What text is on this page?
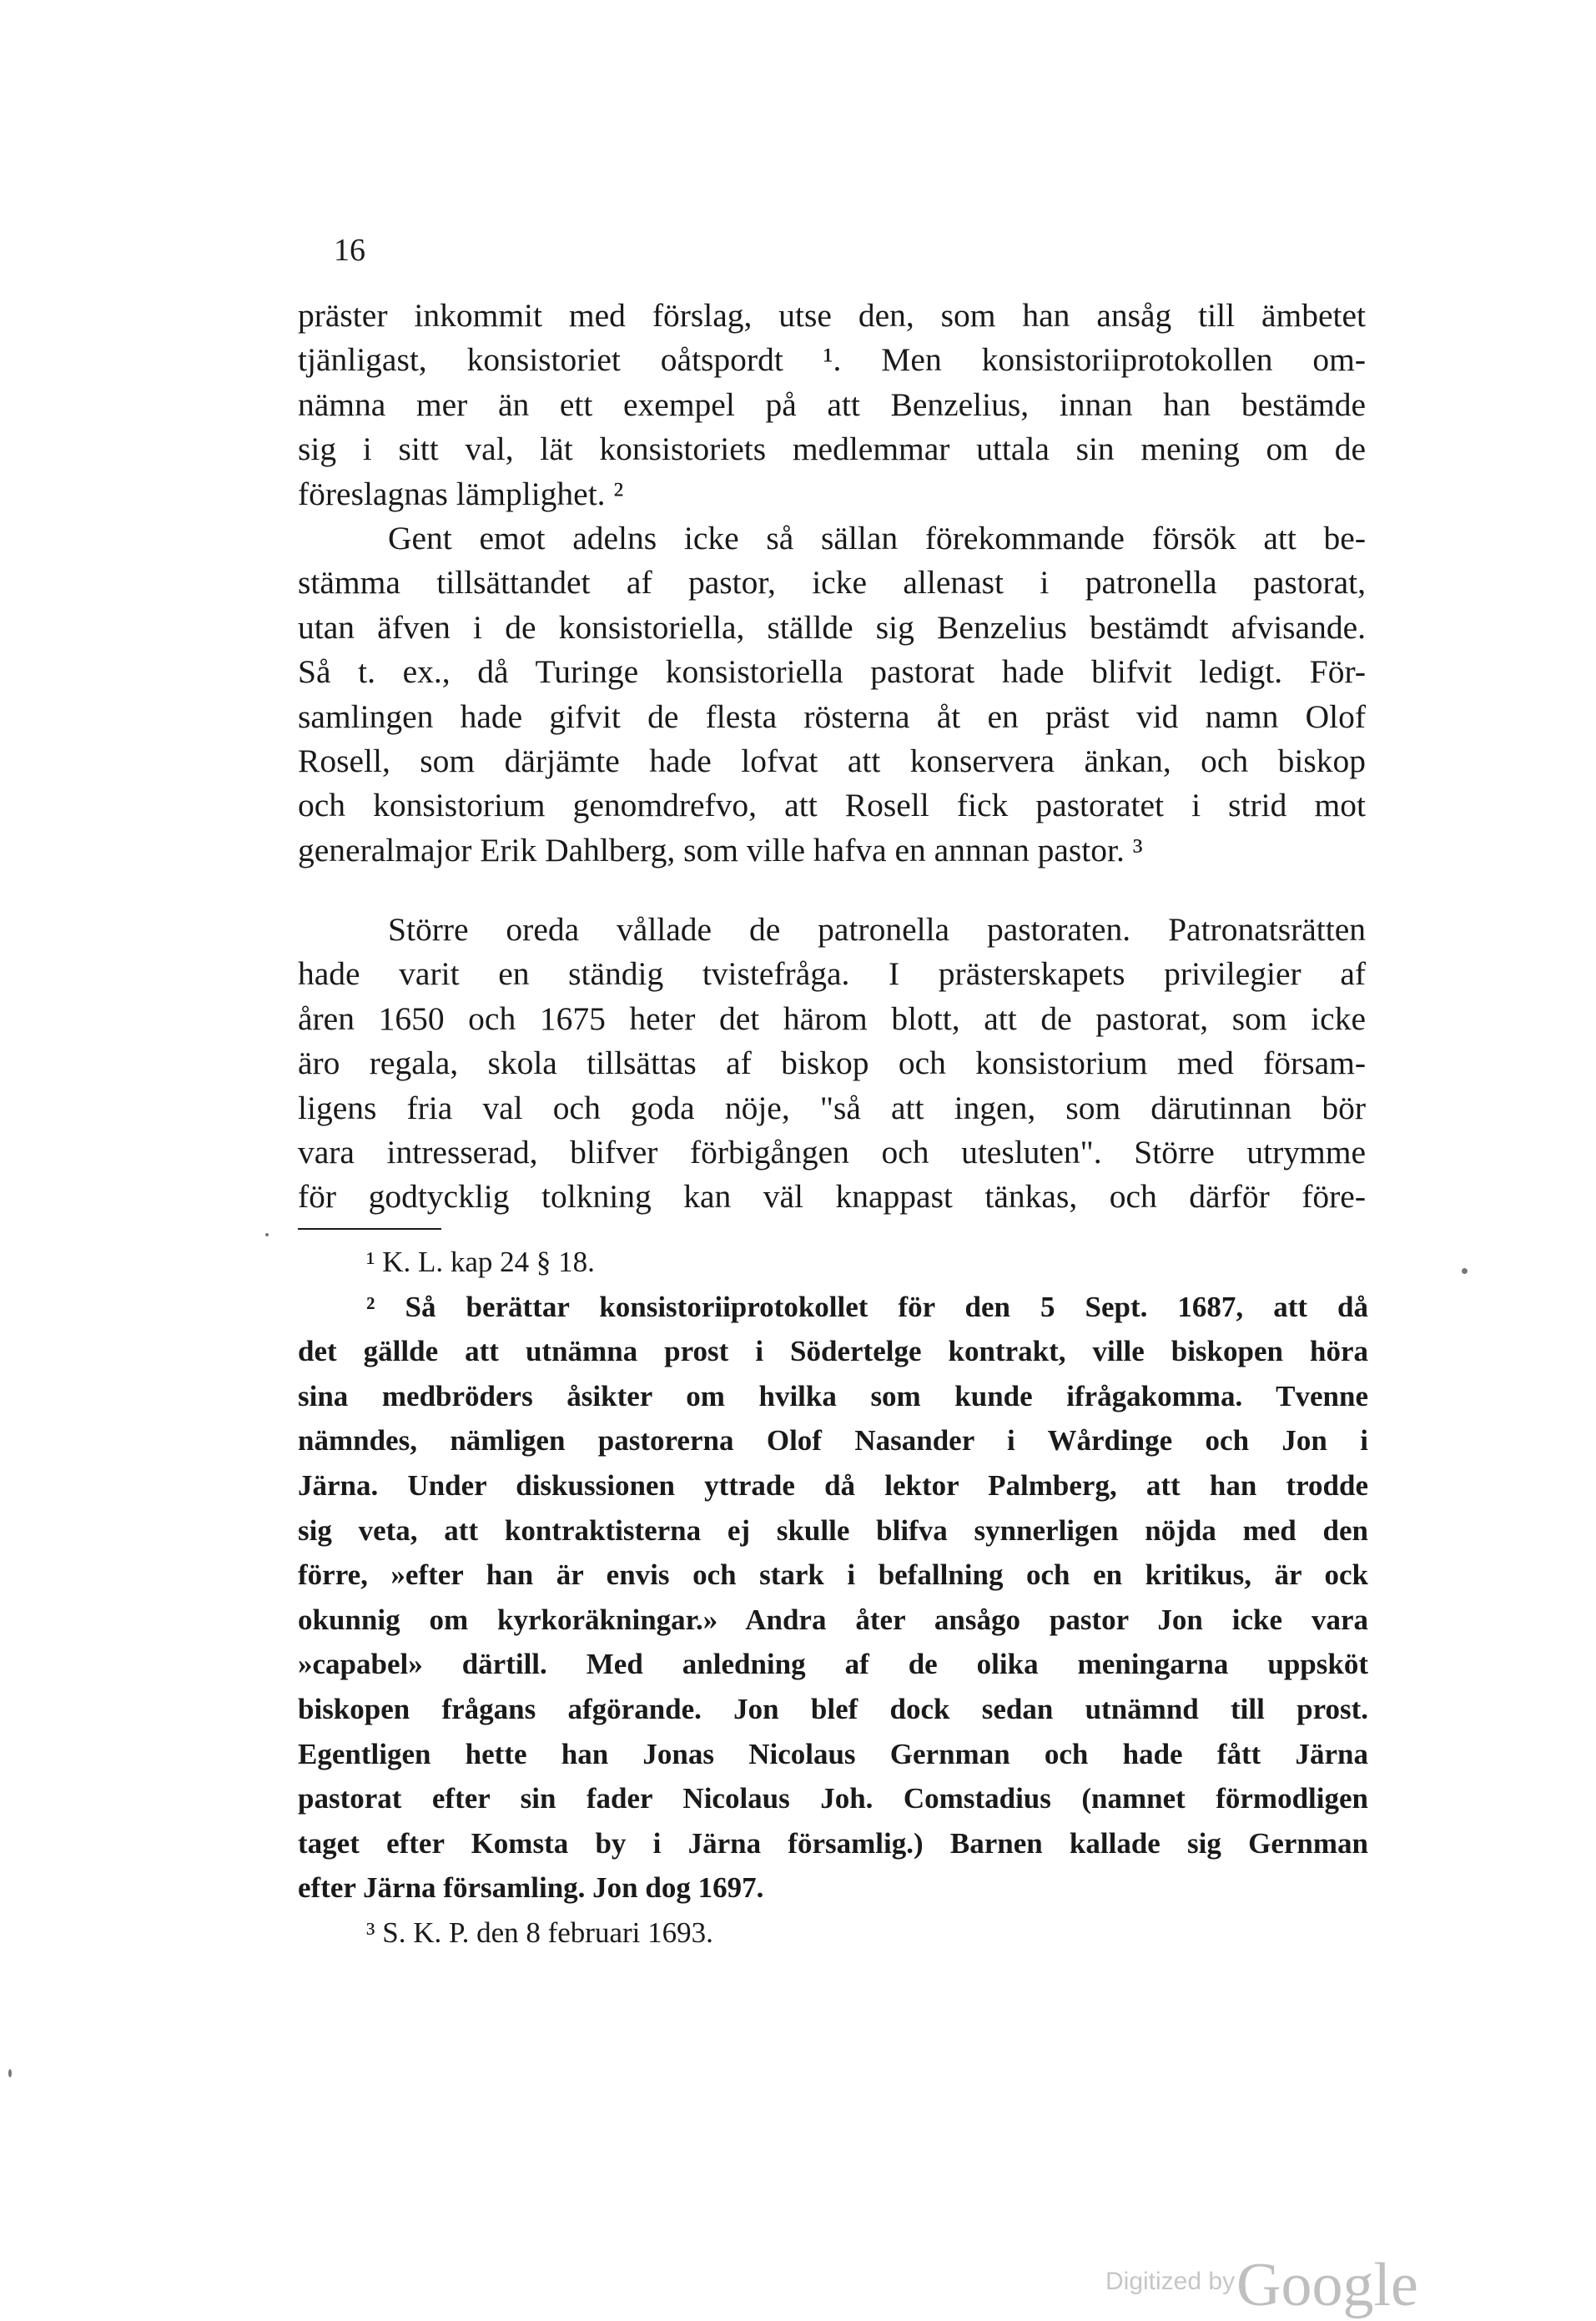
16
präster inkommit med förslag, utse den, som han ansåg till ämbetet
tjänligast, konsistoriet oåtspordt ¹. Men konsistoriiprotokollen om-
nämna mer än ett exempel på att Benzelius, innan han bestämde
sig i sitt val, lät konsistoriets medlemmar uttala sin mening om de
föreslagnas lämplighet. ²
Gent emot adelns icke så sällan förekommande försök att be-
stämma tillsättandet af pastor, icke allenast i patronella pastorat,
utan äfven i de konsistoriella, ställde sig Benzelius bestämdt afvisande.
Så t. ex., då Turinge konsistoriella pastorat hade blifvit ledigt. För-
samlingen hade gifvit de flesta rösterna åt en präst vid namn Olof
Rosell, som därjämte hade lofvat att konservera änkan, och biskop
och konsistorium genomdrefvo, att Rosell fick pastoratet i strid mot
generalmajor Erik Dahlberg, som ville hafva en annnan pastor. ³
Större oreda vållade de patronella pastoraten. Patronatsrätten
hade varit en ständig tvistefråga. I prästerskapets privilegier af
åren 1650 och 1675 heter det härom blott, att de pastorat, som icke
äro regala, skola tillsättas af biskop och konsistorium med försam-
ligens fria val och goda nöje, "så att ingen, som därutinnan bör
vara intresserad, blifver förbigången och utesluten". Större utrymme
för godtycklig tolkning kan väl knappast tänkas, och därför före-
¹ K. L. kap 24 § 18.
² Så berättar konsistoriiprotokollet för den 5 Sept. 1687, att då
det gällde att utnämna prost i Södertelge kontrakt, ville biskopen höra
sina medbröders åsikter om hvilka som kunde ifrågakomma. Tvenne
nämndes, nämligen pastorerna Olof Nasander i Wårdinge och Jon i
Järna. Under diskussionen yttrade då lektor Palmberg, att han trodde
sig veta, att kontraktisterna ej skulle blifva synnerligen nöjda med den
förre, »efter han är envis och stark i befallning och en kritikus, är ock
okunnig om kyrkoräkningar.» Andra åter ansågo pastor Jon icke vara
»capabel» därtill. Med anledning af de olika meningarna uppsköt
biskopen frågans afgörande. Jon blef dock sedan utnämnd till prost.
Egentligen hette han Jonas Nicolaus Gernman och hade fått Järna
pastorat efter sin fader Nicolaus Joh. Comstadius (namnet förmodligen
taget efter Komsta by i Järna församlig.) Barnen kallade sig Gernman
efter Järna församling. Jon dog 1697.
³ S. K. P. den 8 februari 1693.
Digitized by Google
